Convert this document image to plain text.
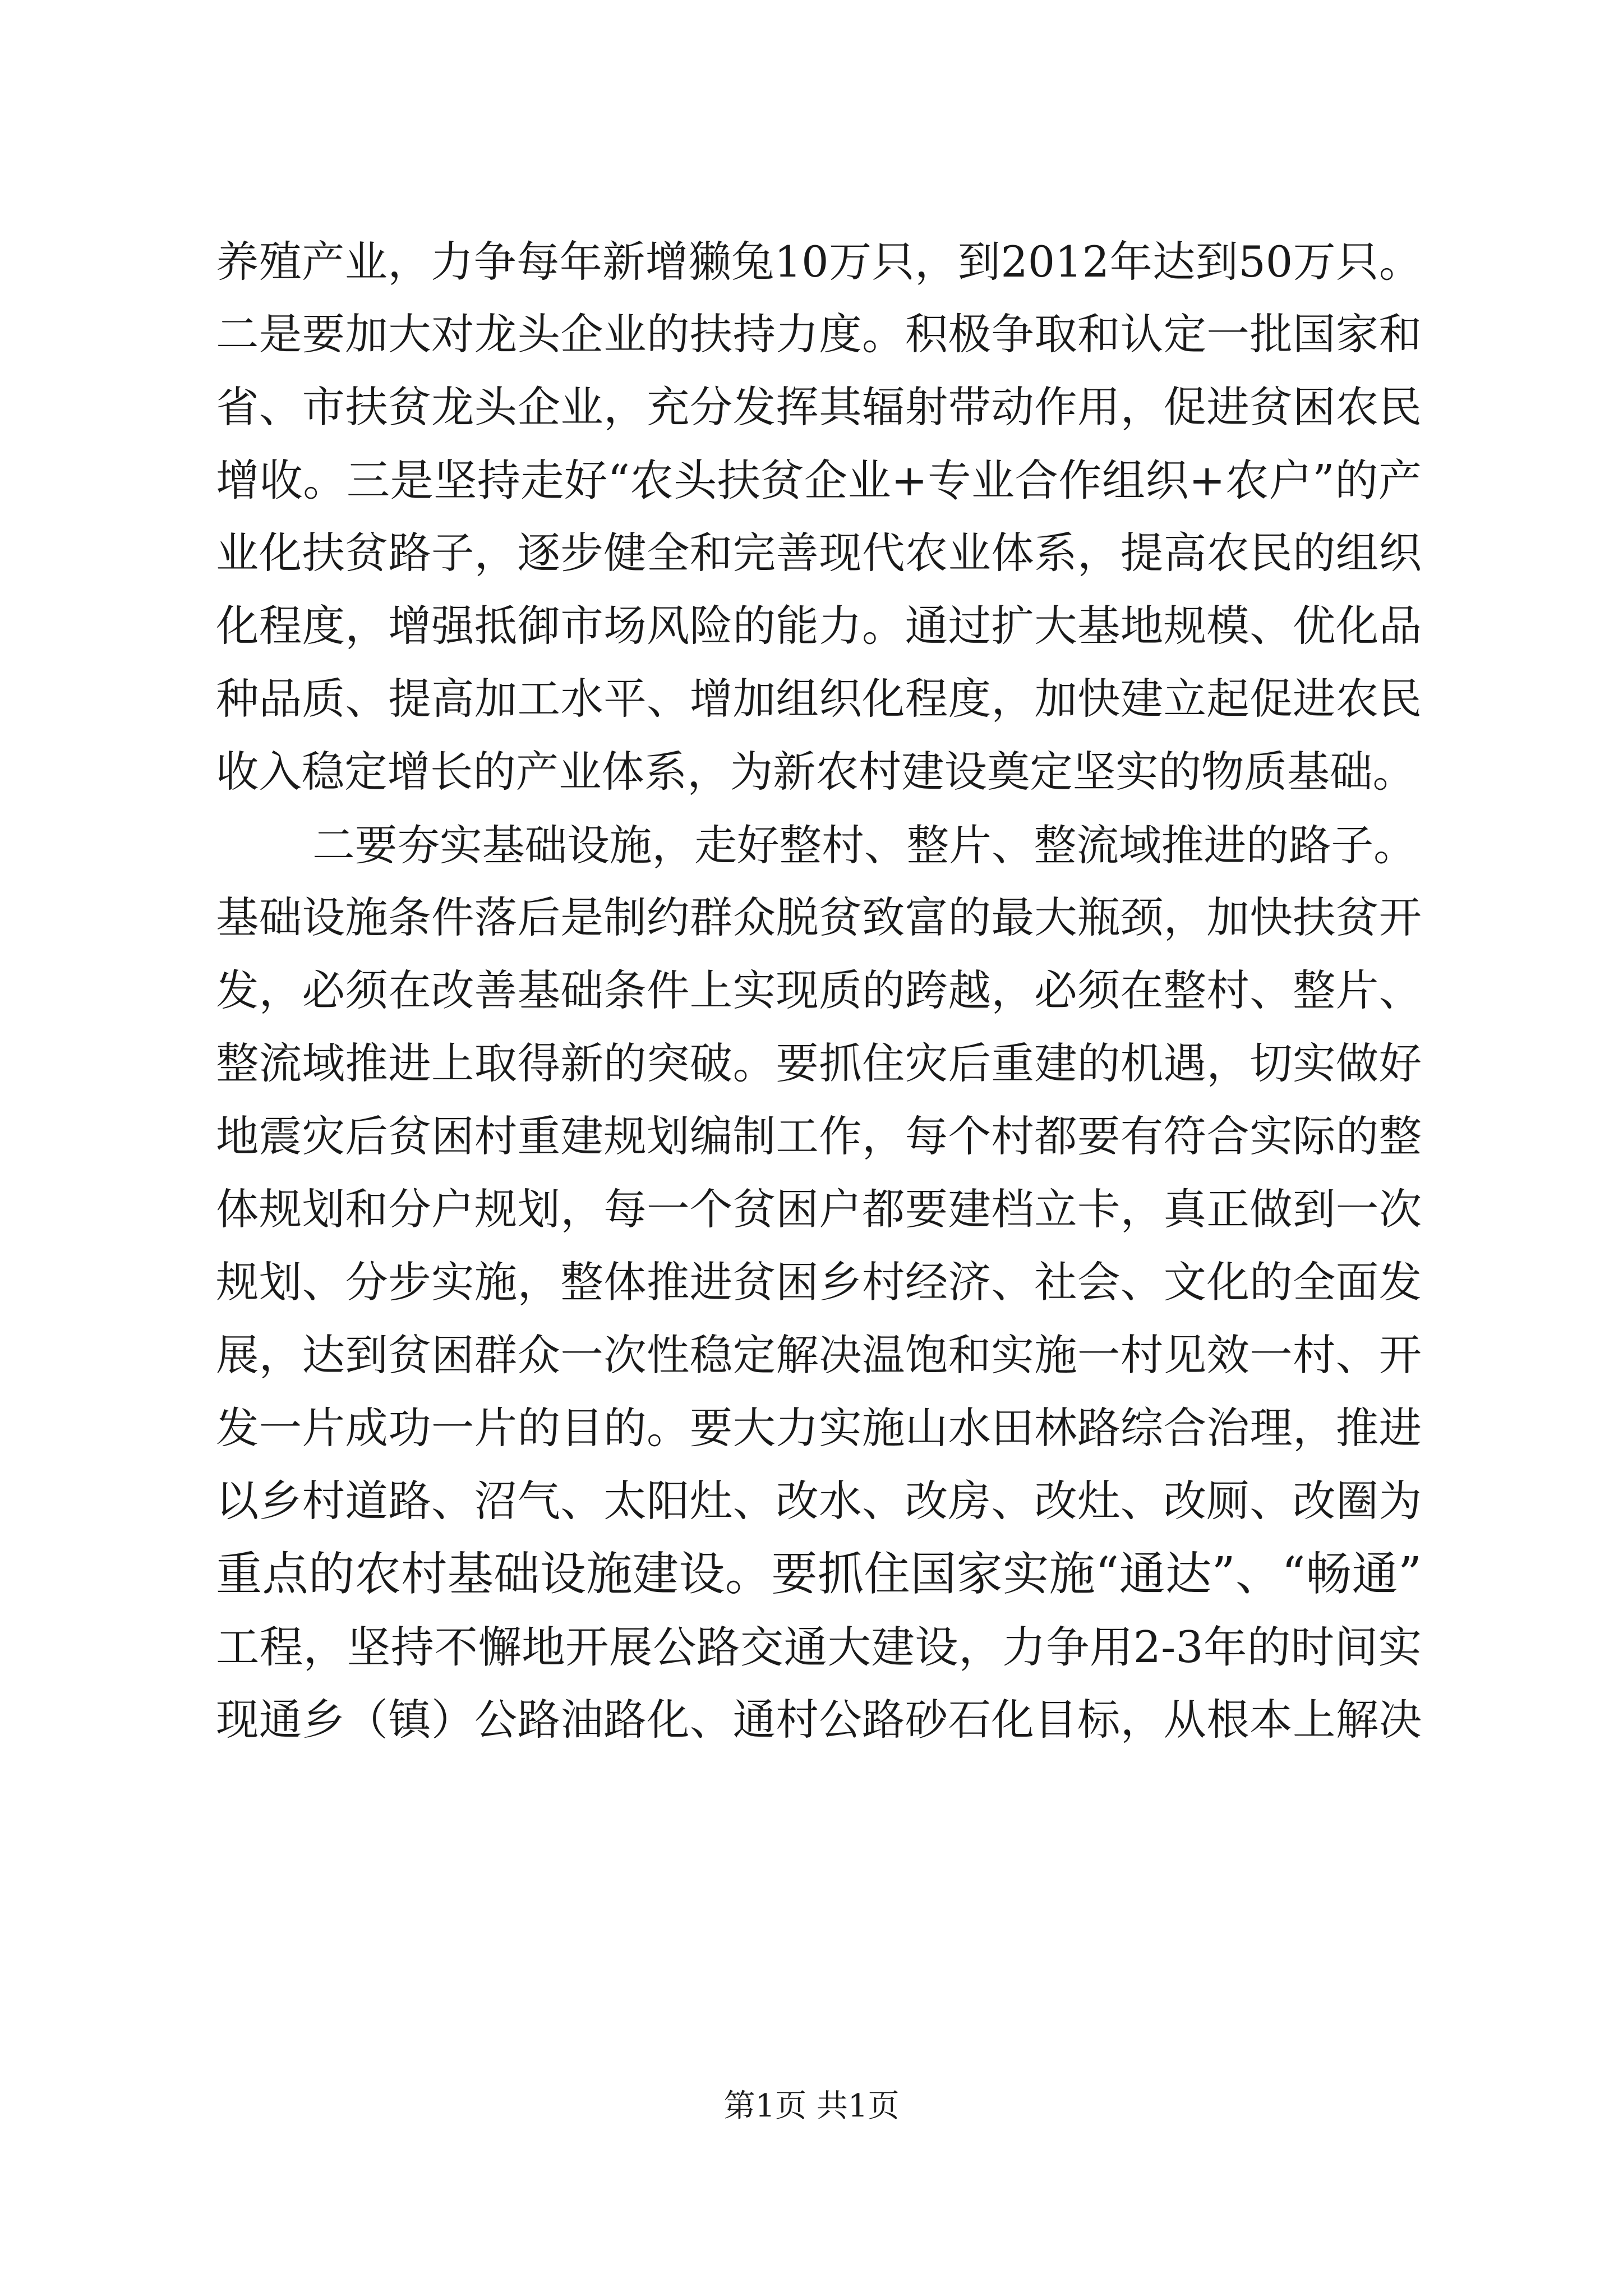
养殖产业，力争每年新增獭兔10万只，到2012年达到50万只。
二是要加大对龙头企业的扶持力度。积极争取和认定一批国家和
省、市扶贫龙头企业，充分发挥其辐射带动作用，促进贫困农民
增收。三是坚持走好“农头扶贫企业+专业合作组织+农户”的产
业化扶贫路子，逐步健全和完善现代农业体系，提高农民的组织
化程度，增强抵御市场风险的能力。通过扩大基地规模、优化品
种品质、提高加工水平、增加组织化程度，加快建立起促进农民
收入稳定增长的产业体系，为新农村建设奠定坚实的物质基础。
二要夯实基础设施，走好整村、整片、整流域推进的路子。
基础设施条件落后是制约群众脱贫致富的最大瓶颈，加快扶贫开
发，必须在改善基础条件上实现质的跨越，必须在整村、整片、
整流域推进上取得新的突破。要抓住灾后重建的机遇，切实做好
地震灾后贫困村重建规划编制工作，每个村都要有符合实际的整
体规划和分户规划，每一个贫困户都要建档立卡，真正做到一次
规划、分步实施，整体推进贫困乡村经济、社会、文化的全面发
展，达到贫困群众一次性稳定解决温饱和实施一村见效一村、开
发一片成功一片的目的。要大力实施山水田林路综合治理，推进
以乡村道路、沼气、太阳灶、改水、改房、改灶、改厕、改圈为
重点的农村基础设施建设。要抓住国家实施“通达”、“畅通”
工程，坚持不懈地开展公路交通大建设，力争用2-3年的时间实
现通乡（镇）公路油路化、通村公路砂石化目标，从根本上解决
第1页 共1页
